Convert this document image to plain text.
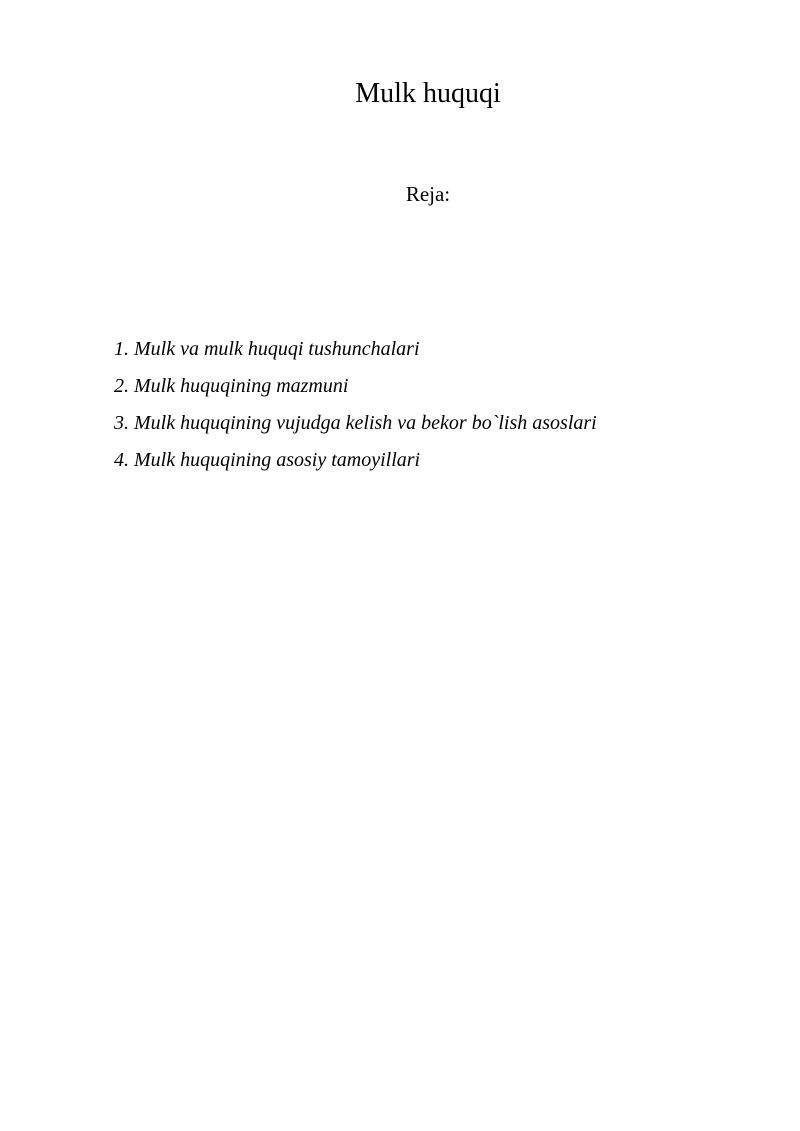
Mulk huquqi

Reja:

1. Mulk va mulk huquqi tushunchalari
2. Mulk huquqining mazmuni
3. Mulk huquqining vujudga kelish va bekor bo`lish asoslari
4. Mulk huquqining asosiy tamoyillari
